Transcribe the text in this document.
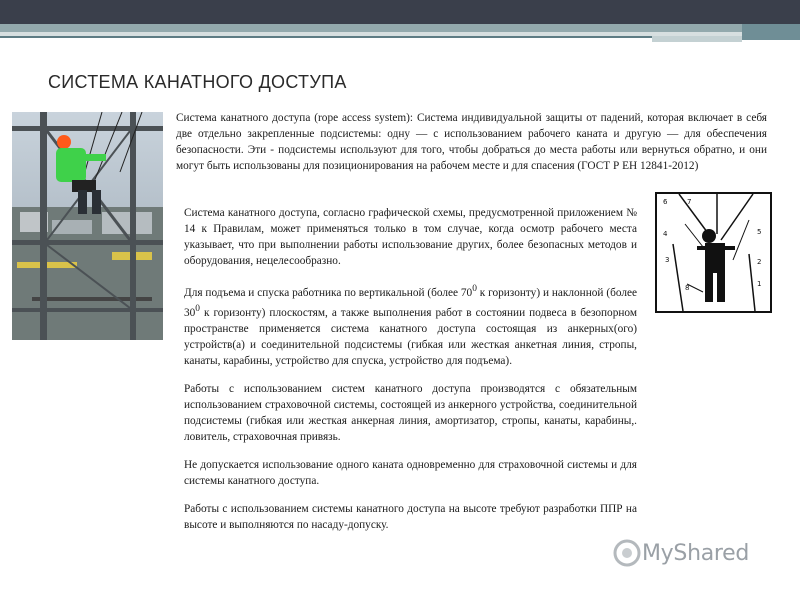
СИСТЕМА КАНАТНОГО ДОСТУПА

Система канатного доступа (rope access system): Система индивидуальной защиты от падений, которая включает в себя две отдельно закрепленные подсистемы: одну — с использованием рабочего каната и другую — для обеспечения безопасности. Эти - подсистемы используют для того, чтобы добраться до места работы или вернуться обратно, и они могут быть использованы для позиционирования на рабочем месте и для спасения (ГОСТ Р ЕН 12841-2012)

6	7
4	5
3
8
2
1

Система канатного доступа, согласно графической схемы, предусмотренной приложением № 14 к Правилам, может применяться только в том случае, когда осмотр рабочего места указывает, что при выполнении работы использование других, более безопасных методов и оборудования, нецелесообразно.

Для подъема и спуска работника по вертикальной (более $70^0$ к горизонту) и наклонной (более $30^0$ к горизонту) плоскостям, а также выполнения работ в состоянии подвеса в безопорном пространстве применяется система канатного доступа состоящая из анкерных(ого) устройств(а) и соединительной подсистемы (гибкая или жесткая анкетная линия, стропы, канаты, карабины, устройство для спуска, устройство для подъема).

Работы с использованием систем канатного доступа производятся с обязательным использованием страховочной системы, состоящей из анкерного устройства, соединительной подсистемы (гибкая или жесткая анкерная линия, амортизатор, стропы, канаты, карабины,. ловитель, страховочная привязь.

Не допускается использование одного каната одновременно для страховочной системы и для системы канатного доступа.

Работы с использованием системы канатного доступа на высоте требуют разработки ППР на высоте и выполняются по насаду-допуску.

MyShared
